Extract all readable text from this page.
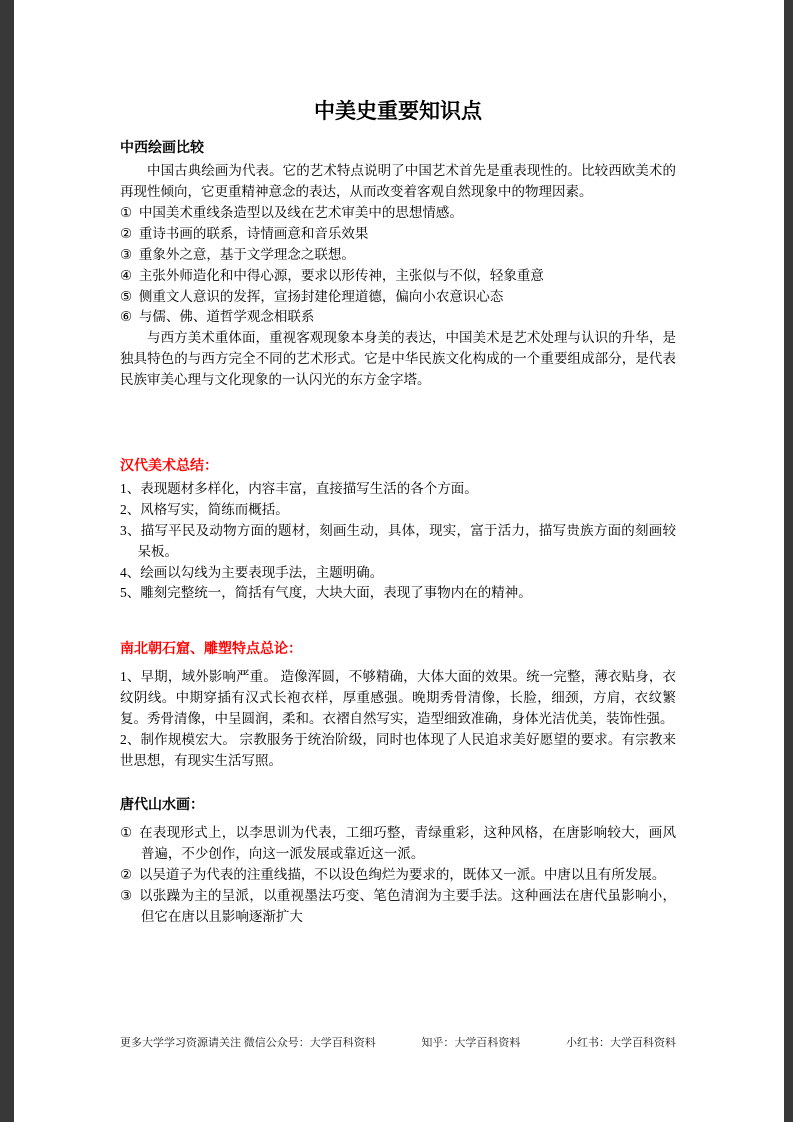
中美史重要知识点
中西绘画比较

中国古典绘画为代表。它的艺术特点说明了中国艺术首先是重表现性的。比较西欧美术的再现性倾向，它更重精神意念的表达，从而改变着客观自然现象中的物理因素。

① 中国美术重线条造型以及线在艺术审美中的思想情感。
② 重诗书画的联系，诗情画意和音乐效果
③ 重象外之意，基于文学理念之联想。
④ 主张外师造化和中得心源，要求以形传神，主张似与不似，轻象重意
⑤ 侧重文人意识的发挥，宣扬封建伦理道德，偏向小农意识心态
⑥ 与儒、佛、道哲学观念相联系

与西方美术重体面，重视客观现象本身美的表达，中国美术是艺术处理与认识的升华，是独具特色的与西方完全不同的艺术形式。它是中华民族文化构成的一个重要组成部分，是代表民族审美心理与文化现象的一认闪光的东方金字塔。

汉代美术总结：

1、表现题材多样化，内容丰富，直接描写生活的各个方面。

2、风格写实，简练而概括。

3、描写平民及动物方面的题材，刻画生动，具体，现实，富于活力，描写贵族方面的刻画较呆板。

4、绘画以勾线为主要表现手法，主题明确。

5、雕刻完整统一，简括有气度，大块大面，表现了事物内在的精神。

南北朝石窟、雕塑特点总论：

1、早期，域外影响严重。 造像浑圆，不够精确，大体大面的效果。统一完整，薄衣贴身，衣纹阴线。中期穿插有汉式长袍衣样，厚重感强。晚期秀骨清像，长脸，细颈，方肩，衣纹繁复。秀骨清像，中呈圆润，柔和。衣褶自然写实，造型细致准确，身体光洁优美，装饰性强。

2、制作规模宏大。 宗教服务于统治阶级，同时也体现了人民追求美好愿望的要求。有宗教来世思想，有现实生活写照。

唐代山水画：
① 在表现形式上，以李思训为代表，工细巧整，青绿重彩，这种风格，在唐影响较大，画风普遍，不少创作，向这一派发展或靠近这一派。
② 以吴道子为代表的注重线描，不以设色绚烂为要求的，既体又一派。中唐以且有所发展。
③ 以张躁为主的呈派，以重视墨法巧变、笔色清润为主要手法。这种画法在唐代虽影响小，但它在唐以且影响逐渐扩大
更多大学学习资源请关注 微信公众号：大学百科资料	知乎：大学百科资料	小红书：大学百科资料
